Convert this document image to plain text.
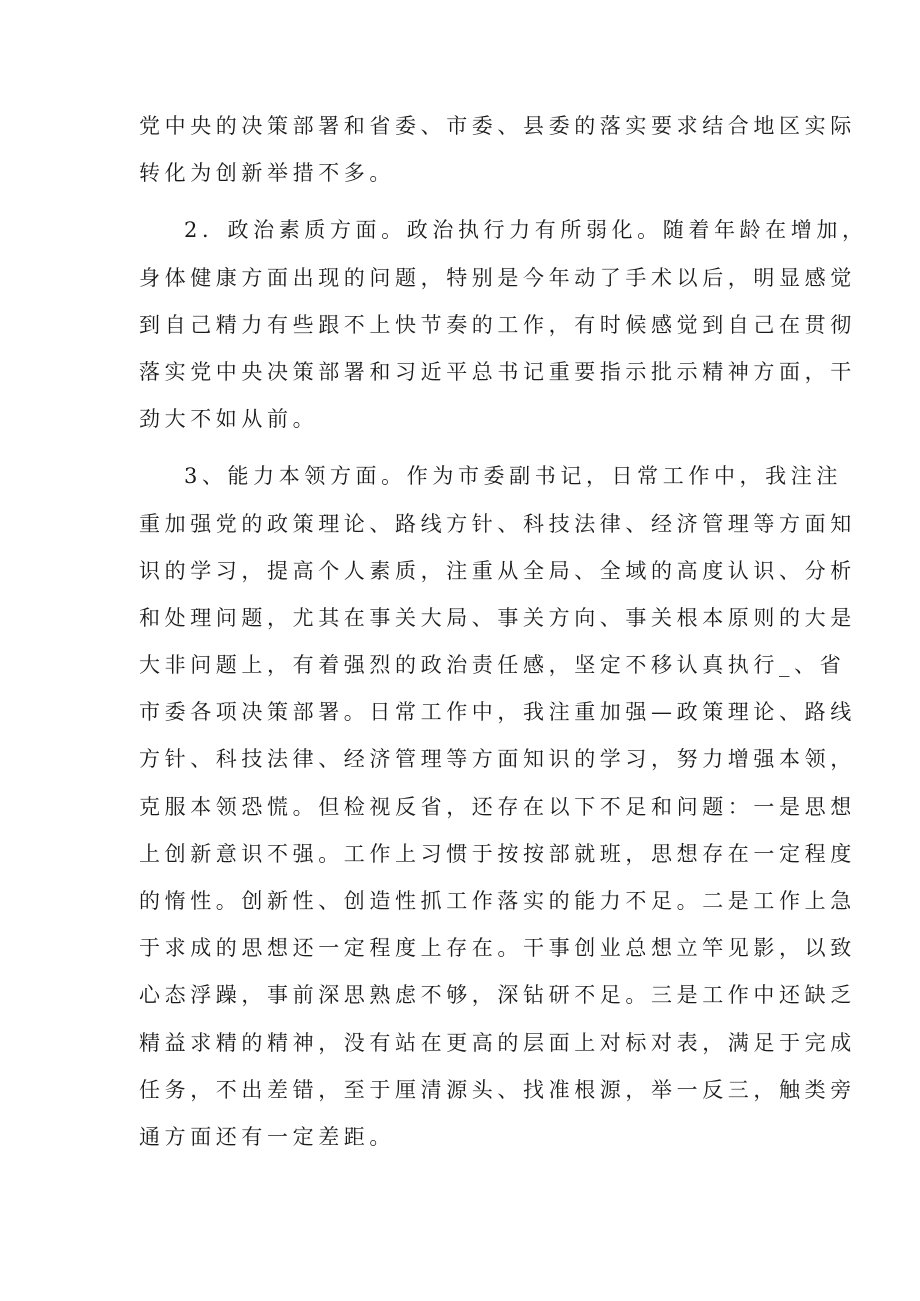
党中央的决策部署和省委、市委、县委的落实要求结合地区实际
转化为创新举措不多。
2．政治素质方面。政治执行力有所弱化。随着年龄在增加，
身体健康方面出现的问题，特别是今年动了手术以后，明显感觉
到自己精力有些跟不上快节奏的工作，有时候感觉到自己在贯彻
落实党中央决策部署和习近平总书记重要指示批示精神方面，干
劲大不如从前。
3、能力本领方面。作为市委副书记，日常工作中，我注注
重加强党的政策理论、路线方针、科技法律、经济管理等方面知
识的学习，提高个人素质，注重从全局、全域的高度认识、分析
和处理问题，尤其在事关大局、事关方向、事关根本原则的大是
大非问题上，有着强烈的政治责任感，坚定不移认真执行_、省
市委各项决策部署。日常工作中，我注重加强—政策理论、路线
方针、科技法律、经济管理等方面知识的学习，努力增强本领，
克服本领恐慌。但检视反省，还存在以下不足和问题：一是思想
上创新意识不强。工作上习惯于按按部就班，思想存在一定程度
的惰性。创新性、创造性抓工作落实的能力不足。二是工作上急
于求成的思想还一定程度上存在。干事创业总想立竿见影，以致
心态浮躁，事前深思熟虑不够，深钻研不足。三是工作中还缺乏
精益求精的精神，没有站在更高的层面上对标对表，满足于完成
任务，不出差错，至于厘清源头、找准根源，举一反三，触类旁
通方面还有一定差距。
